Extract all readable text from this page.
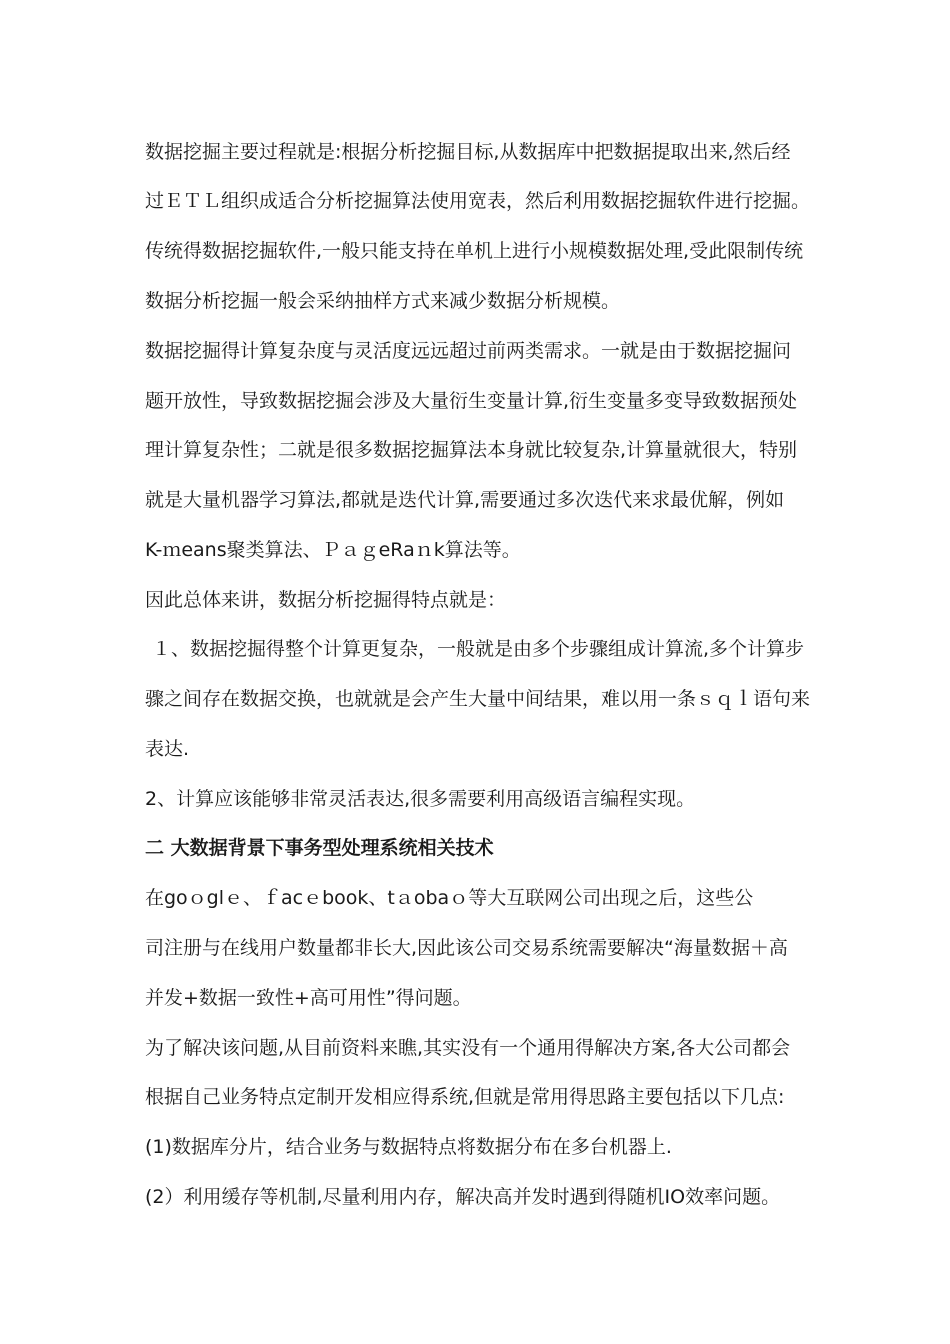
数据挖掘主要过程就是:根据分析挖掘目标,从数据库中把数据提取出来,然后经
过ＥＴＬ组织成适合分析挖掘算法使用宽表，然后利用数据挖掘软件进行挖掘。
传统得数据挖掘软件,一般只能支持在单机上进行小规模数据处理,受此限制传统
数据分析挖掘一般会采纳抽样方式来减少数据分析规模。
数据挖掘得计算复杂度与灵活度远远超过前两类需求。一就是由于数据挖掘问
题开放性，导致数据挖掘会涉及大量衍生变量计算,衍生变量多变导致数据预处
理计算复杂性；二就是很多数据挖掘算法本身就比较复杂,计算量就很大，特别
就是大量机器学习算法,都就是迭代计算,需要通过多次迭代来求最优解，例如
K-ｍeans聚类算法、ＰａｇeRaｎk算法等。
因此总体来讲，数据分析挖掘得特点就是：
１、数据挖掘得整个计算更复杂，一般就是由多个步骤组成计算流,多个计算步
骤之间存在数据交换，也就就是会产生大量中间结果，难以用一条ｓｑｌ语句来
表达.
2、计算应该能够非常灵活表达,很多需要利用高级语言编程实现。
二 大数据背景下事务型处理系统相关技术
在goｏglｅ、ｆacｅbook、tａobaｏ等大互联网公司出现之后，这些公
司注册与在线用户数量都非长大,因此该公司交易系统需要解决“海量数据＋高
并发+数据一致性+高可用性”得问题。
为了解决该问题,从目前资料来瞧,其实没有一个通用得解决方案,各大公司都会
根据自己业务特点定制开发相应得系统,但就是常用得思路主要包括以下几点:
(1)数据库分片，结合业务与数据特点将数据分布在多台机器上.
(2）利用缓存等机制,尽量利用内存，解决高并发时遇到得随机IO效率问题。
